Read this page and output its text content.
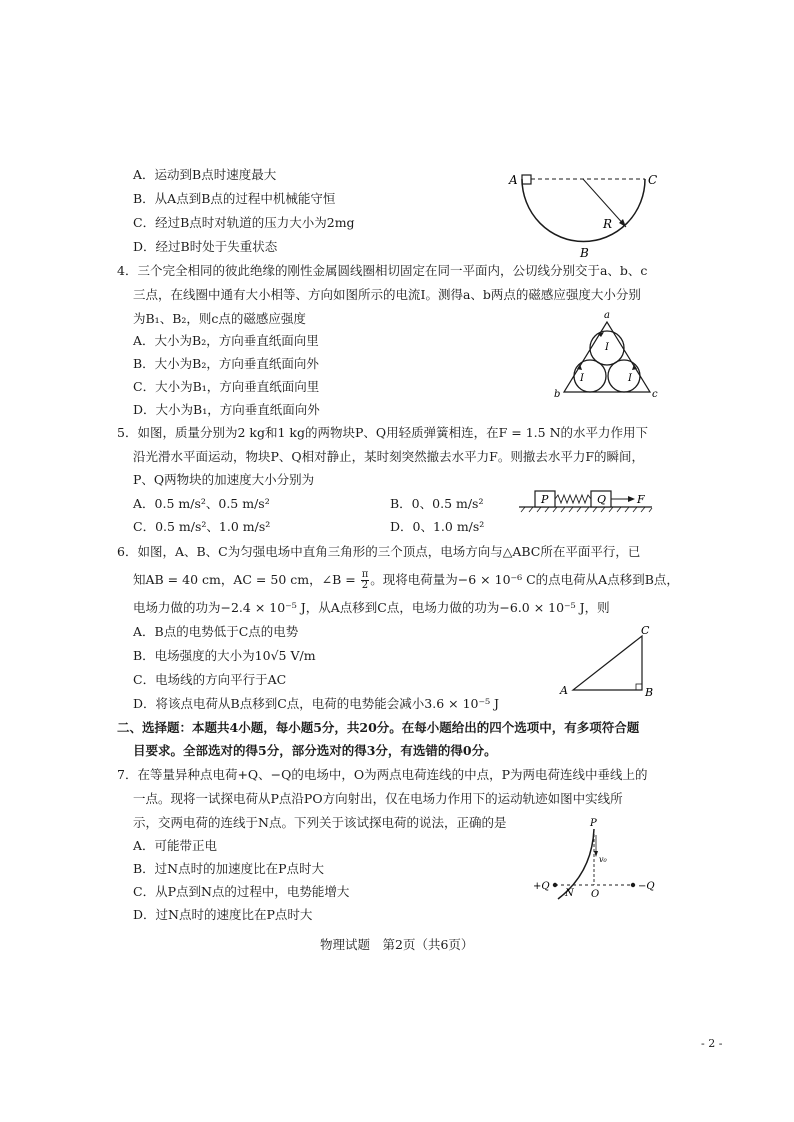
A．运动到B点时速度最大
B．从A点到B点的过程中机械能守恒
C．经过B点时对轨道的压力大小为2mg
D．经过B时处于失重状态
A	C
R
B
4．三个完全相同的彼此绝缘的刚性金属圆线圈相切固定在同一平面内，公切线分别交于a、b、c
三点，在线圈中通有大小相等、方向如图所示的电流I。测得a、b两点的磁感应强度大小分别
为B₁、B₂，则c点的磁感应强度
A．大小为B₂，方向垂直纸面向里
B．大小为B₂，方向垂直纸面向外
C．大小为B₁，方向垂直纸面向里
D．大小为B₁，方向垂直纸面向外
a
b	c
I
I	I
5．如图，质量分别为2 kg和1 kg的两物块P、Q用轻质弹簧相连，在F = 1.5 N的水平力作用下
沿光滑水平面运动，物块P、Q相对静止，某时刻突然撤去水平力F。则撤去水平力F的瞬间，
P、Q两物块的加速度大小分别为
A．0.5 m/s²、0.5 m/s²	B．0、0.5 m/s²
C．0.5 m/s²、1.0 m/s²	D．0、1.0 m/s²
P	Q	F
6．如图，A、B、C为匀强电场中直角三角形的三个顶点，电场方向与△ABC所在平面平行，已
知AB = 40 cm，AC = 50 cm，∠B = $\frac{\pi}{2}$ 。现将电荷量为−6 × 10⁻⁶ C的点电荷从A点移到B点，
电场力做的功为−2.4 × 10⁻⁵ J，从A点移到C点，电场力做的功为−6.0 × 10⁻⁵ J，则
A．B点的电势低于C点的电势
B．电场强度的大小为10√5 V/m
C．电场线的方向平行于AC
D．将该点电荷从B点移到C点，电荷的电势能会减小3.6 × 10⁻⁵ J
A	B
C
二、选择题：本题共4小题，每小题5分，共20分。在每小题给出的四个选项中，有多项符合题
目要求。全部选对的得5分，部分选对的得3分，有选错的得0分。
7．在等量异种点电荷+Q、−Q的电场中，O为两点电荷连线的中点，P为两电荷连线中垂线上的
一点。现将一试探电荷从P点沿PO方向射出，仅在电场力作用下的运动轨迹如图中实线所
示，交两电荷的连线于N点。下列关于该试探电荷的说法，正确的是
A．可能带正电
B．过N点时的加速度比在P点时大
C．从P点到N点的过程中，电势能增大
D．过N点时的速度比在P点时大
P
v₀
+Q	−Q
N O
物理试题　第2页（共6页）
- 2 -
